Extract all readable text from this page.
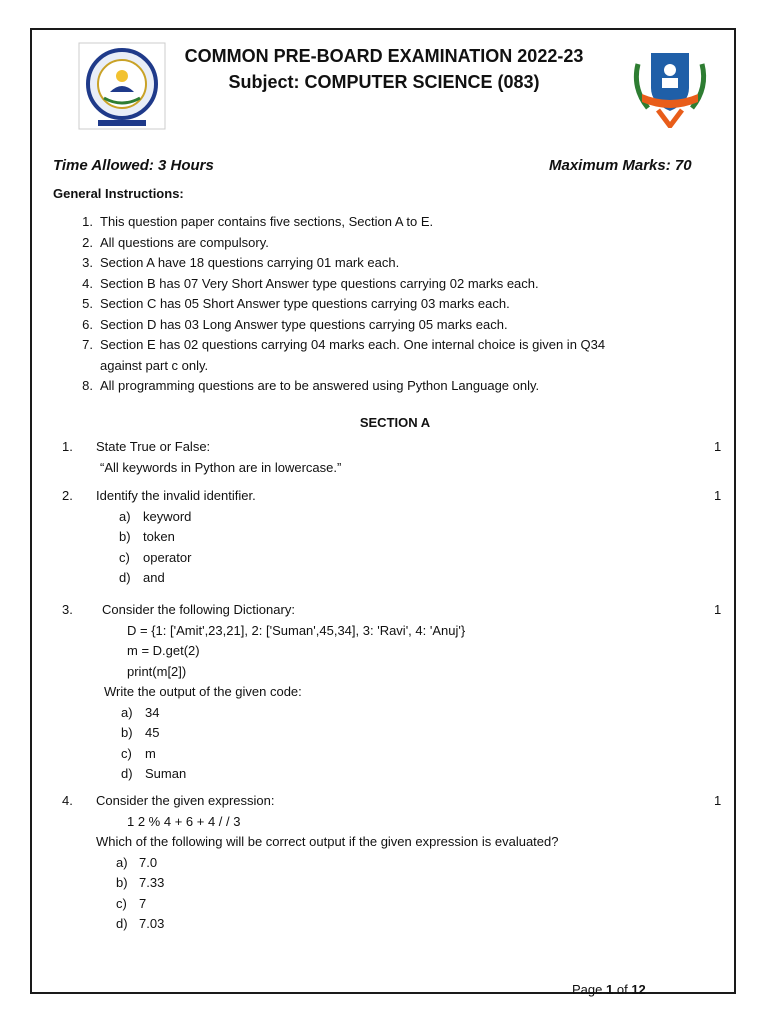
COMMON PRE-BOARD EXAMINATION 2022-23
Subject: COMPUTER SCIENCE (083)
Time Allowed: 3 Hours	Maximum Marks: 70
General Instructions:
1. This question paper contains five sections, Section A to E.
2. All questions are compulsory.
3. Section A have 18 questions carrying 01 mark each.
4. Section B has 07 Very Short Answer type questions carrying 02 marks each.
5. Section C has 05 Short Answer type questions carrying 03 marks each.
6. Section D has 03 Long Answer type questions carrying 05 marks each.
7. Section E has 02 questions carrying 04 marks each. One internal choice is given in Q34
against part c only.
8. All programming questions are to be answered using Python Language only.
SECTION A
1. State True or False:	1
“All keywords in Python are in lowercase.”
2. Identify the invalid identifier.	1
a) keyword
b) token
c) operator
d) and
3. Consider the following Dictionary:	1
D = {1: ['Amit',23,21], 2: ['Suman',45,34], 3: 'Ravi', 4: 'Anuj'}
m = D.get(2)
print(m[2])
Write the output of the given code:
a) 34
b) 45
c) m
d) Suman
4. Consider the given expression:	1
1 2 % 4 + 6 + 4 / / 3
Which of the following will be correct output if the given expression is evaluated?
a) 7.0
b) 7.33
c) 7
d) 7.03
Page 1 of 12
